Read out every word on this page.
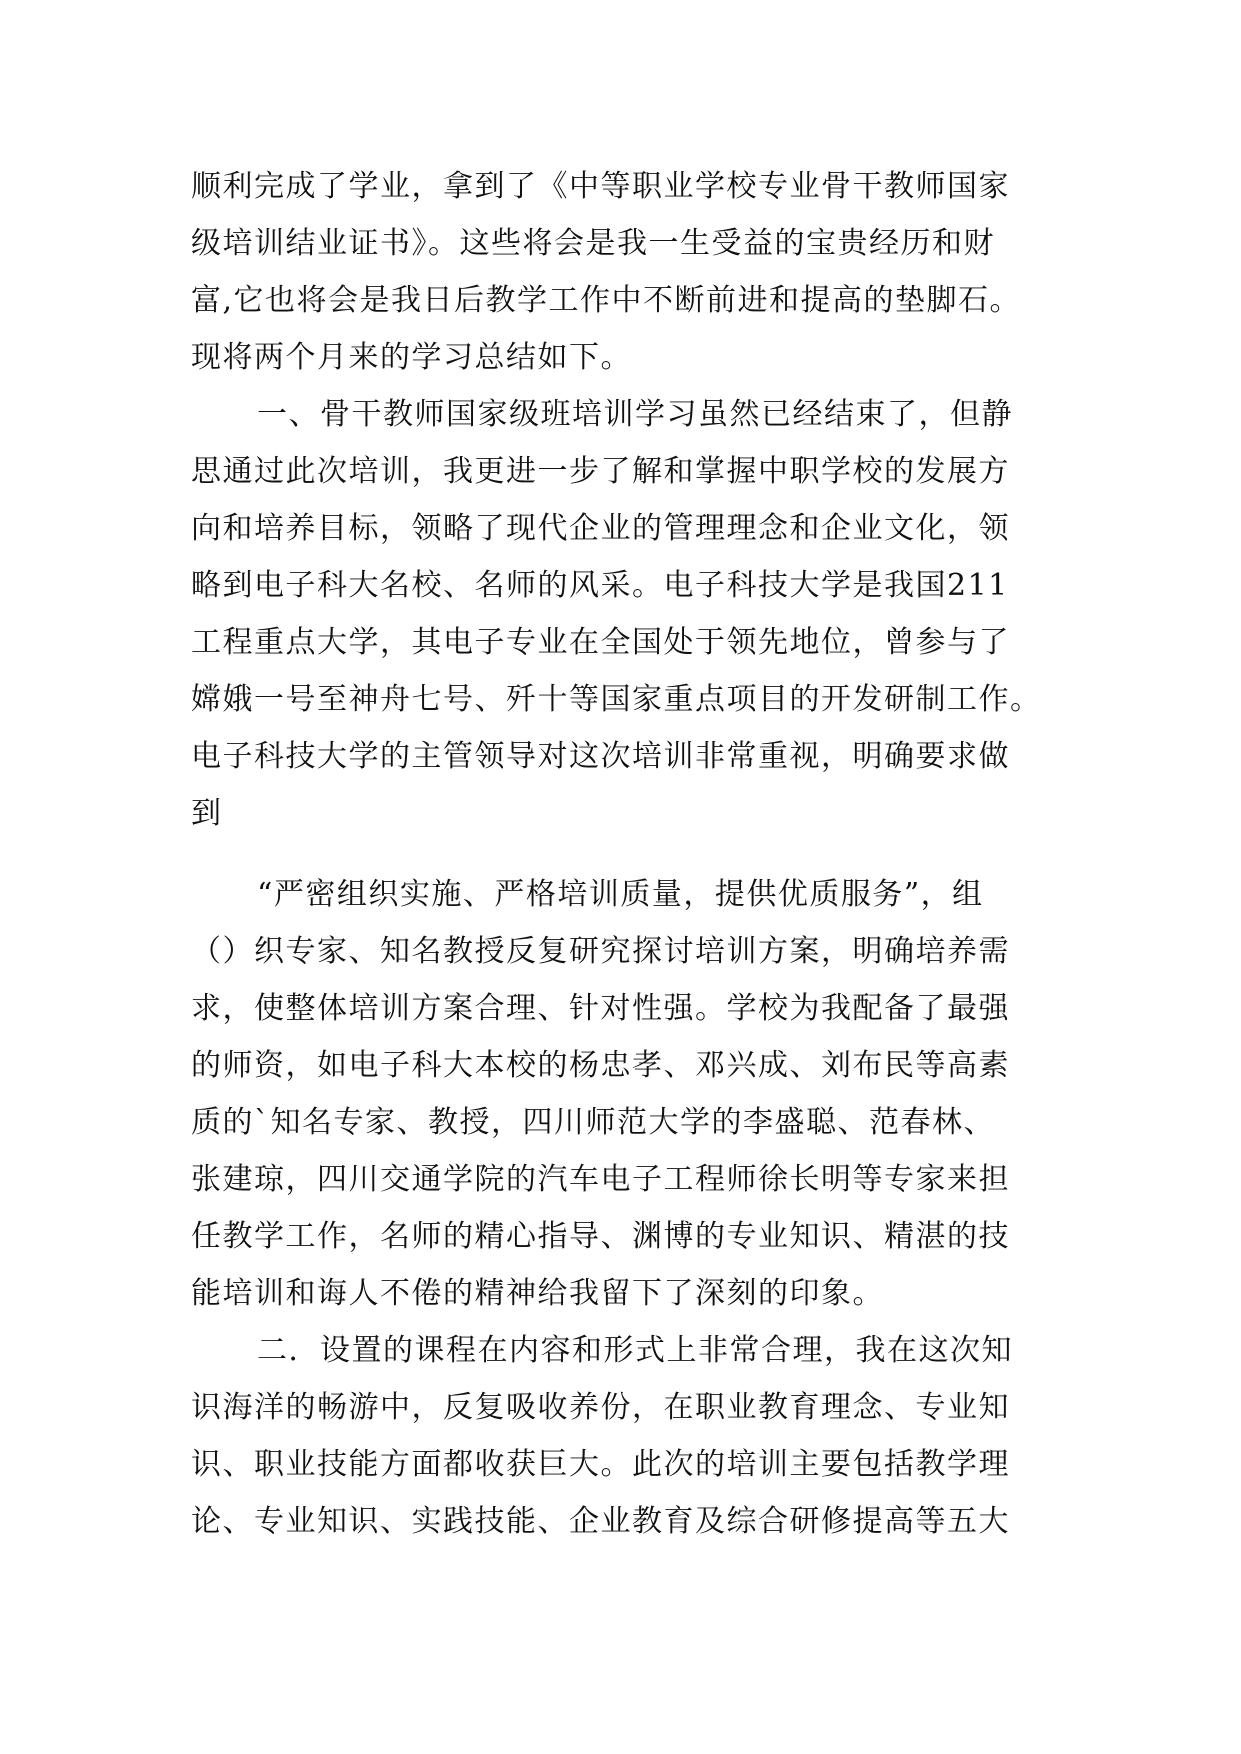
顺利完成了学业，拿到了《中等职业学校专业骨干教师国家
级培训结业证书》。这些将会是我一生受益的宝贵经历和财
富,它也将会是我日后教学工作中不断前进和提高的垫脚石。
现将两个月来的学习总结如下。
一、骨干教师国家级班培训学习虽然已经结束了，但静
思通过此次培训，我更进一步了解和掌握中职学校的发展方
向和培养目标，领略了现代企业的管理理念和企业文化，领
略到电子科大名校、名师的风采。电子科技大学是我国211
工程重点大学，其电子专业在全国处于领先地位，曾参与了
嫦娥一号至神舟七号、歼十等国家重点项目的开发研制工作。
电子科技大学的主管领导对这次培训非常重视，明确要求做
到
“严密组织实施、严格培训质量，提供优质服务”，组
（）织专家、知名教授反复研究探讨培训方案，明确培养需
求，使整体培训方案合理、针对性强。学校为我配备了最强
的师资，如电子科大本校的杨忠孝、邓兴成、刘布民等高素
质的`知名专家、教授，四川师范大学的李盛聪、范春林、
张建琼，四川交通学院的汽车电子工程师徐长明等专家来担
任教学工作，名师的精心指导、渊博的专业知识、精湛的技
能培训和诲人不倦的精神给我留下了深刻的印象。
二．设置的课程在内容和形式上非常合理，我在这次知
识海洋的畅游中，反复吸收养份，在职业教育理念、专业知
识、职业技能方面都收获巨大。此次的培训主要包括教学理
论、专业知识、实践技能、企业教育及综合研修提高等五大
